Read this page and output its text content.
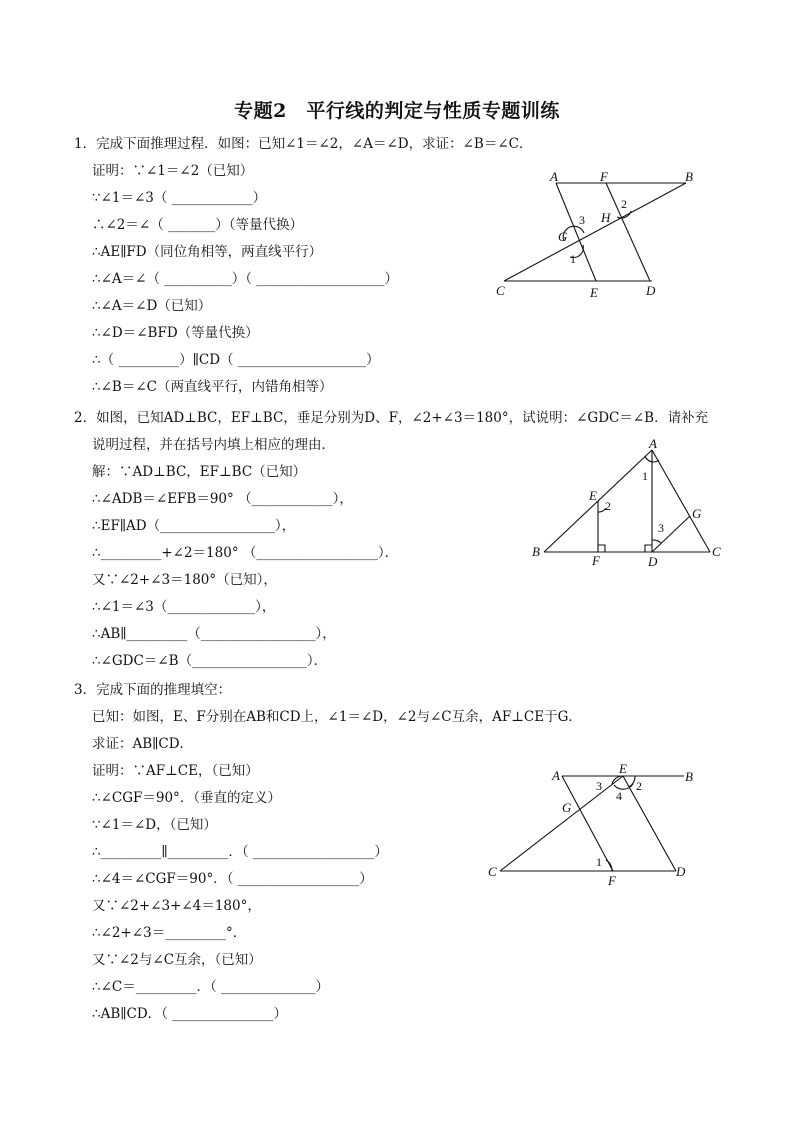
专题2　平行线的判定与性质专题训练
1．完成下面推理过程．如图：已知∠1＝∠2，∠A＝∠D，求证：∠B＝∠C．
证明：∵∠1＝∠2（已知）
∵∠1＝∠3（ ____________）
∴∠2＝∠（ _______）（等量代换）
∴AE∥FD（同位角相等，两直线平行）
∴∠A＝∠（ __________）（ ___________________）
∴∠A＝∠D（已知）
∴∠D＝∠BFD（等量代换）
∴（ _________）∥CD（ ___________________）
∴∠B＝∠C（两直线平行，内错角相等）
A	F	B
C	E	D
G
H
1
2
3
2．如图，已知AD⊥BC，EF⊥BC，垂足分别为D、F，∠2+∠3＝180°，试说明：∠GDC＝∠B．请补充
说明过程，并在括号内填上相应的理由．
解：∵AD⊥BC，EF⊥BC（已知）
∴∠ADB＝∠EFB＝90° （____________），
∴EF∥AD（_________________），
∴_________+∠2＝180° （__________________）．
又∵∠2+∠3＝180°（已知），
∴∠1＝∠3（_____________），
∴AB∥_________（_________________），
∴∠GDC＝∠B（_________________）．
A
E
G
B
F	D
C
1
2
3
3．完成下面的推理填空：
已知：如图，E、F分别在AB和CD上，∠1＝∠D，∠2与∠C互余，AF⊥CE于G．
求证：AB∥CD．
证明：∵AF⊥CE，（已知）
∴∠CGF＝90°．（垂直的定义）
∵∠1＝∠D，（已知）
∴_________∥_________．（ __________________）
∴∠4＝∠CGF＝90°．（ __________________）
又∵∠2+∠3+∠4＝180°，
∴∠2+∠3＝_________°．
又∵∠2与∠C互余，（已知）
∴∠C＝_________．（ ______________）
∴AB∥CD．（ _______________）
A	E
B
G
C
F
D
1
2
3
4
